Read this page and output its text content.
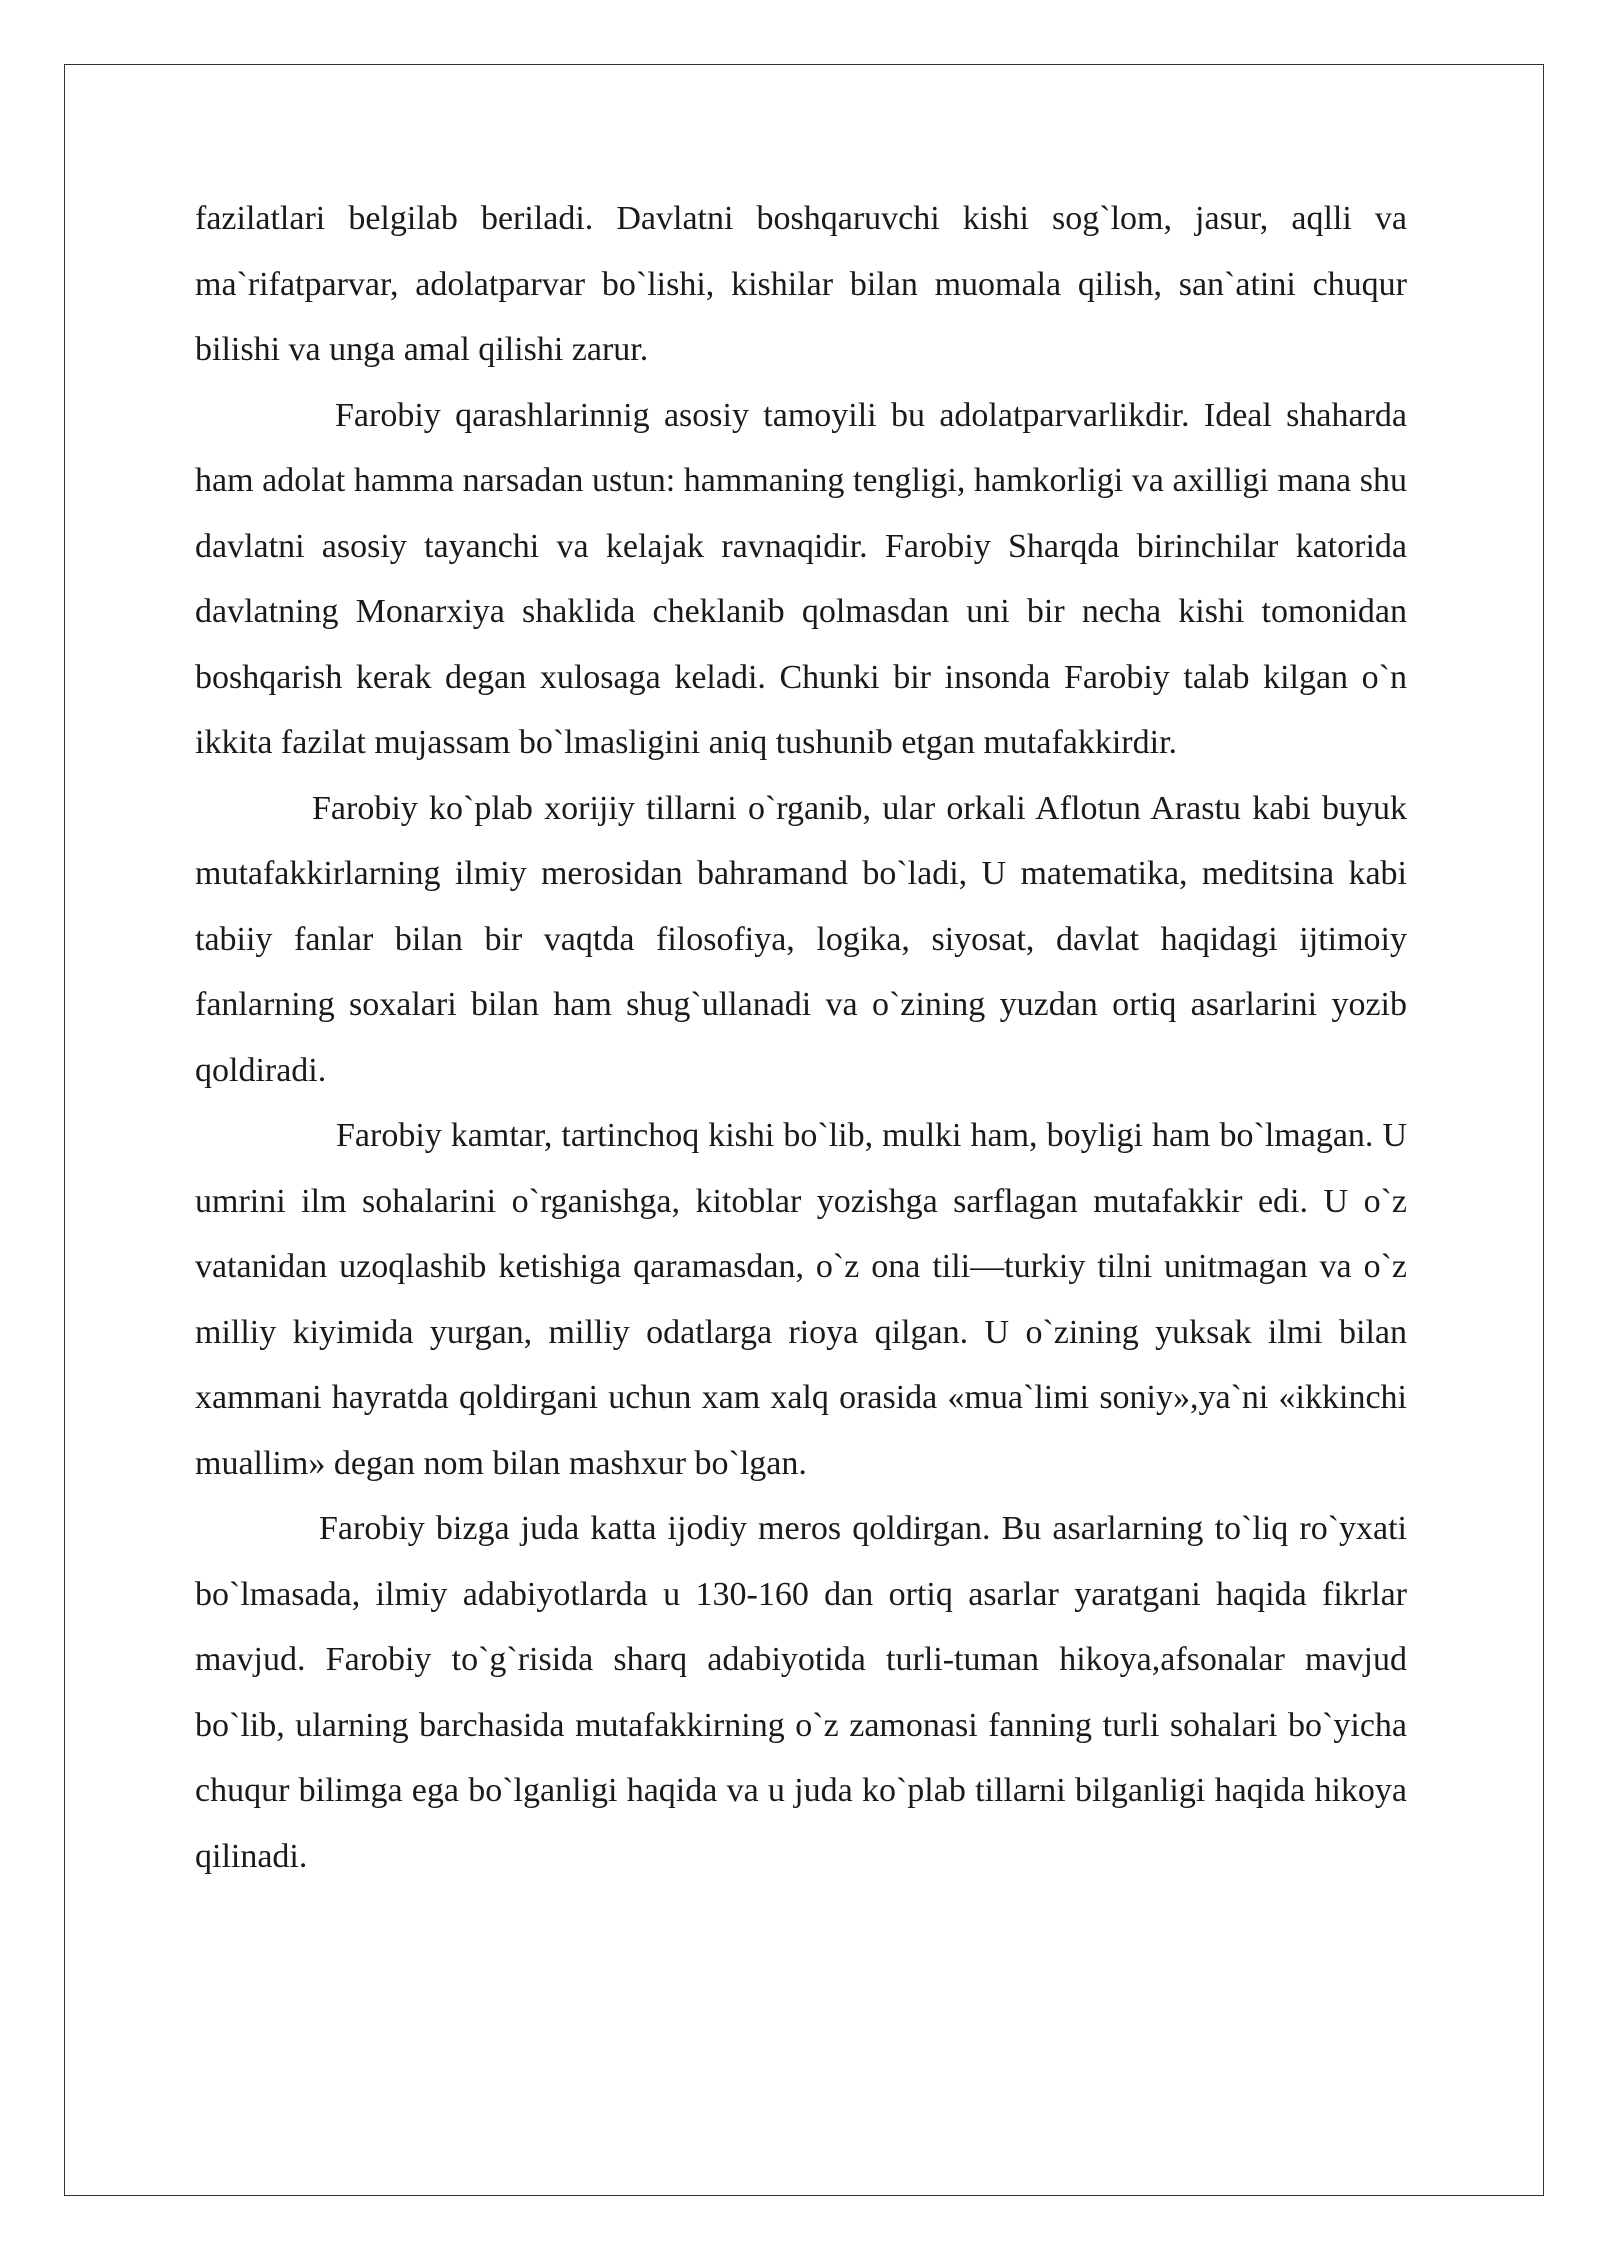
fazilatlari belgilab beriladi. Davlatni boshqaruvchi kishi sog`lom, jasur, aqlli va ma`rifatparvar, adolatparvar bo`lishi, kishilar bilan muomala qilish, san`atini chuqur bilishi va unga amal qilishi zarur.

Farobiy qarashlarinnig asosiy tamoyili bu adolatparvarlikdir. Ideal shaharda ham adolat hamma narsadan ustun: hammaning tengligi, hamkorligi va axilligi mana shu davlatni asosiy tayanchi va kelajak ravnaqidir. Farobiy Sharqda birinchilar katorida davlatning Monarxiya shaklida cheklanib qolmasdan uni bir necha kishi tomonidan boshqarish kerak degan xulosaga keladi. Chunki bir insonda Farobiy talab kilgan o`n ikkita fazilat mujassam bo`lmasligini aniq tushunib etgan mutafakkirdir.

Farobiy ko`plab xorijiy tillarni o`rganib, ular orkali Aflotun Arastu kabi buyuk mutafakkirlarning ilmiy merosidan bahramand bo`ladi, U matematika, meditsina kabi tabiiy fanlar bilan bir vaqtda filosofiya, logika, siyosat, davlat haqidagi ijtimoiy fanlarning soxalari bilan ham shug`ullanadi va o`zining yuzdan ortiq asarlarini yozib qoldiradi.

Farobiy kamtar, tartinchoq kishi bo`lib, mulki ham, boyligi ham bo`lmagan. U umrini ilm sohalarini o`rganishga, kitoblar yozishga sarflagan mutafakkir edi. U o`z vatanidan uzoqlashib ketishiga qaramasdan, o`z ona tili—turkiy tilni unitmagan va o`z milliy kiyimida yurgan, milliy odatlarga rioya qilgan. U o`zining yuksak ilmi bilan xammani hayratda qoldirgani uchun xam xalq orasida «mua`limi soniy»,ya`ni «ikkinchi muallim» degan nom bilan mashxur bo`lgan.

Farobiy bizga juda katta ijodiy meros qoldirgan. Bu asarlarning to`liq ro`yxati bo`lmasada, ilmiy adabiyotlarda u 130-160 dan ortiq asarlar yaratgani haqida fikrlar mavjud. Farobiy to`g`risida sharq adabiyotida turli-tuman hikoya,afsonalar mavjud bo`lib, ularning barchasida mutafakkirning o`z zamonasi fanning turli sohalari bo`yicha chuqur bilimga ega bo`lganligi haqida va u juda ko`plab tillarni bilganligi haqida hikoya qilinadi.
